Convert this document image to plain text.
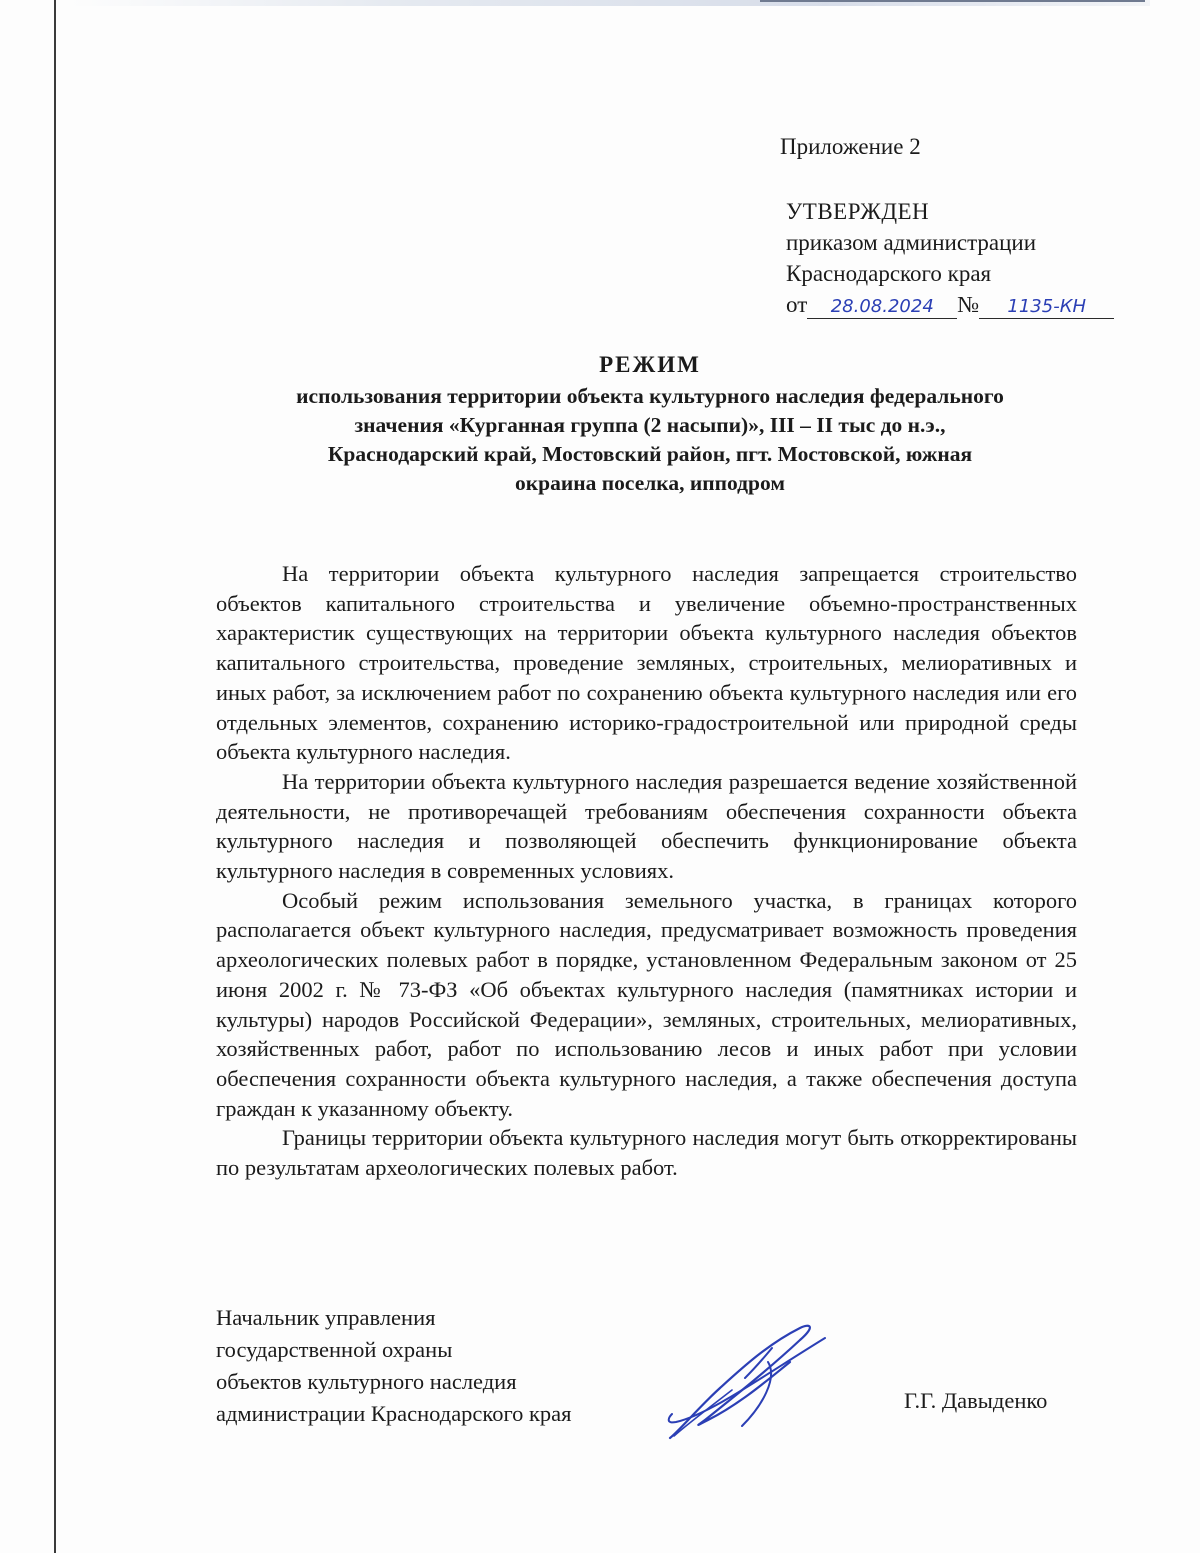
Приложение 2
УТВЕРЖДЕН
приказом администрации
Краснодарского края
от 28.08.2024 № 1135-КН
РЕЖИМ
использования территории объекта культурного наследия федерального
значения «Курганная группа (2 насыпи)», III – II тыс до н.э.,
Краснодарский край, Мостовский район, пгт. Мостовской, южная
окраина поселка, ипподром

На территории объекта культурного наследия запрещается строительство объектов капитального строительства и увеличение объемно-пространственных характеристик существующих на территории объекта культурного наследия объектов капитального строительства, проведение земляных, строительных, мелиоративных и иных работ, за исключением работ по сохранению объекта культурного наследия или его отдельных элементов, сохранению историко-градостроительной или природной среды объекта культурного наследия.

На территории объекта культурного наследия разрешается ведение хозяйственной деятельности, не противоречащей требованиям обеспечения сохранности объекта культурного наследия и позволяющей обеспечить функционирование объекта культурного наследия в современных условиях.

Особый режим использования земельного участка, в границах которого располагается объект культурного наследия, предусматривает возможность проведения археологических полевых работ в порядке, установленном Федеральным законом от 25 июня 2002 г. № 73-ФЗ «Об объектах культурного наследия (памятниках истории и культуры) народов Российской Федерации», земляных, строительных, мелиоративных, хозяйственных работ, работ по использованию лесов и иных работ при условии обеспечения сохранности объекта культурного наследия, а также обеспечения доступа граждан к указанному объекту.

Границы территории объекта культурного наследия могут быть откорректированы по результатам археологических полевых работ.

Начальник управления
государственной охраны
объектов культурного наследия
администрации Краснодарского края
Г.Г. Давыденко
